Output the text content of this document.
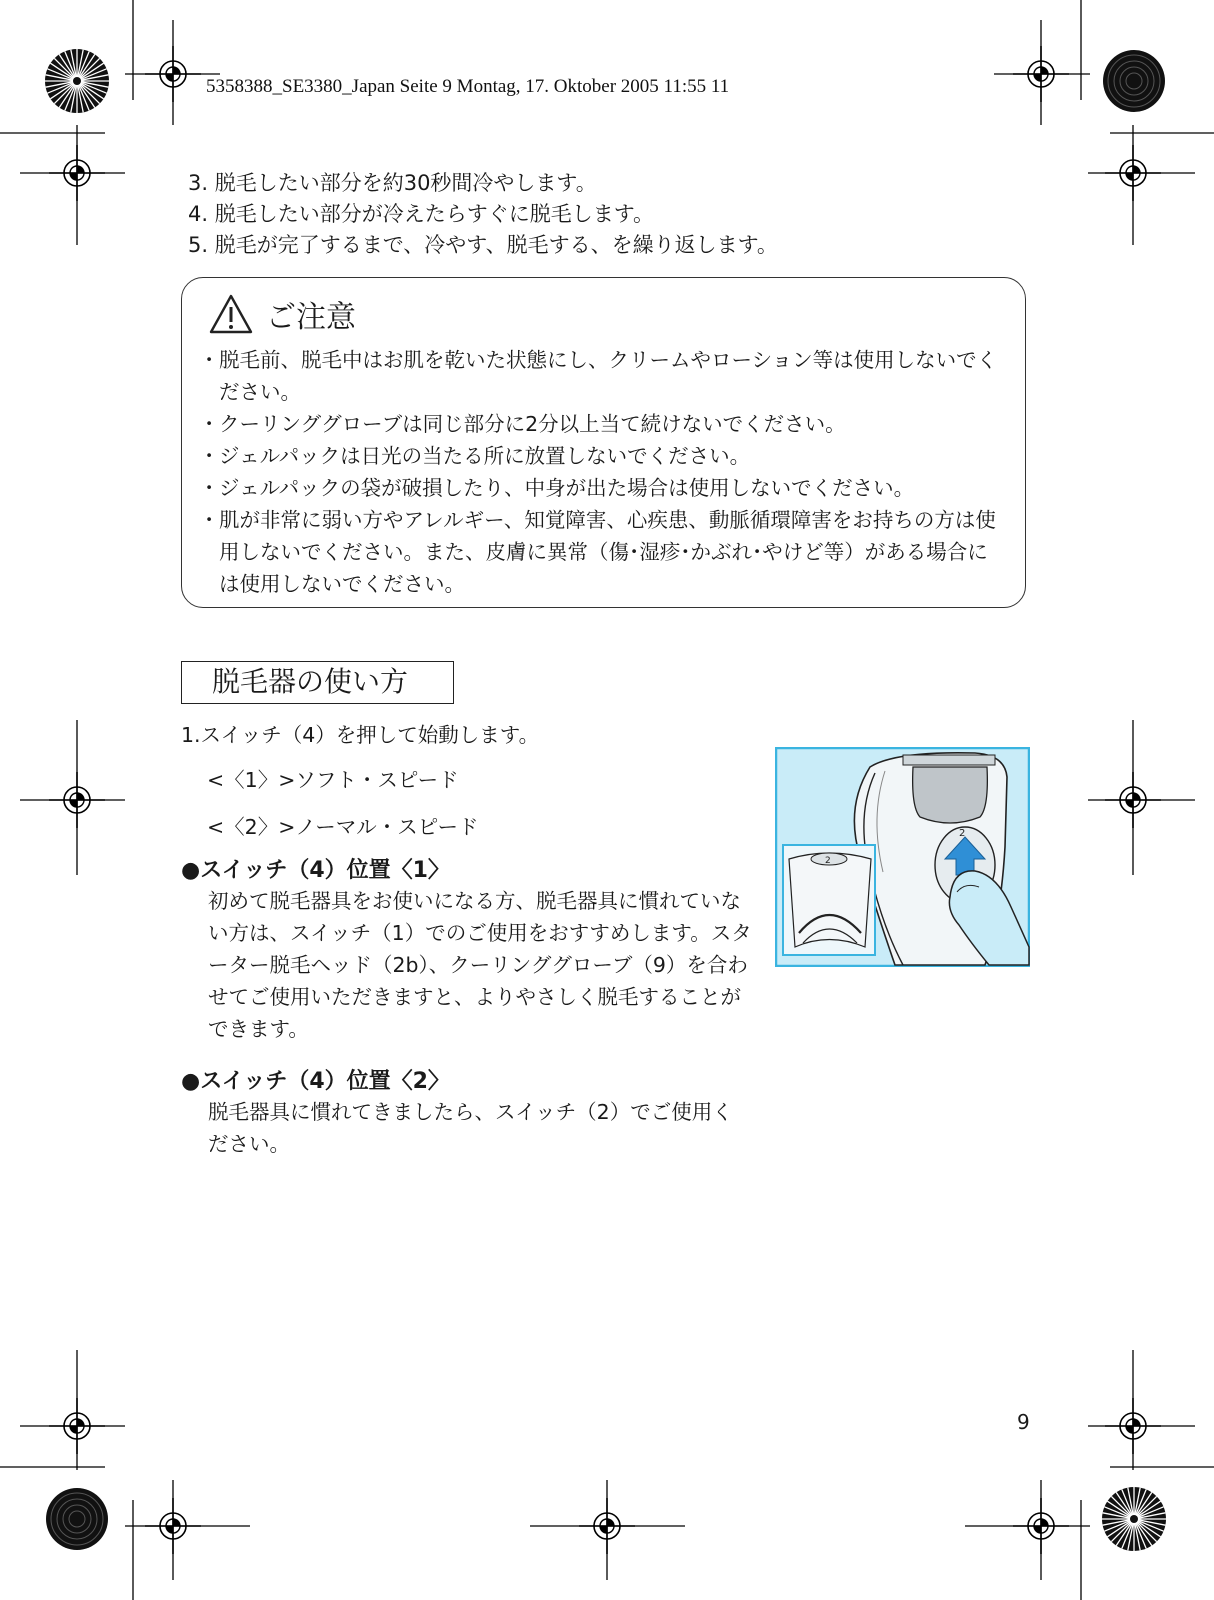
5358388_SE3380_Japan Seite 9 Montag, 17. Oktober 2005 11:55 11
3. 脱毛したい部分を約30秒間冷やします。
4. 脱毛したい部分が冷えたらすぐに脱毛します。
5. 脱毛が完了するまで、冷やす、脱毛する、を繰り返します。
ご注意
･ 脱毛前、脱毛中はお肌を乾いた状態にし、クリームやローション等は使用しないでください。
･ クーリンググローブは同じ部分に2分以上当て続けないでください。
･ ジェルパックは日光の当たる所に放置しないでください。
･ ジェルパックの袋が破損したり、中身が出た場合は使用しないでください。
･ 肌が非常に弱い方やアレルギー、知覚障害、心疾患、動脈循環障害をお持ちの方は使用しないでください。また、皮膚に異常（傷･湿疹･かぶれ･やけど等）がある場合には使用しないでください。
脱毛器の使い方
1.スイッチ（4）を押して始動します。
<〈1〉>ソフト・スピード
<〈2〉>ノーマル・スピード
●スイッチ（4）位置〈1〉

初めて脱毛器具をお使いになる方、脱毛器具に慣れていない方は、スイッチ（1）でのご使用をおすすめします。スターター脱毛ヘッド（2b）、クーリンググローブ（9）を合わせてご使用いただきますと、よりやさしく脱毛することができます。

●スイッチ（4）位置〈2〉

脱毛器具に慣れてきましたら、スイッチ（2）でご使用ください。

2
2
9
